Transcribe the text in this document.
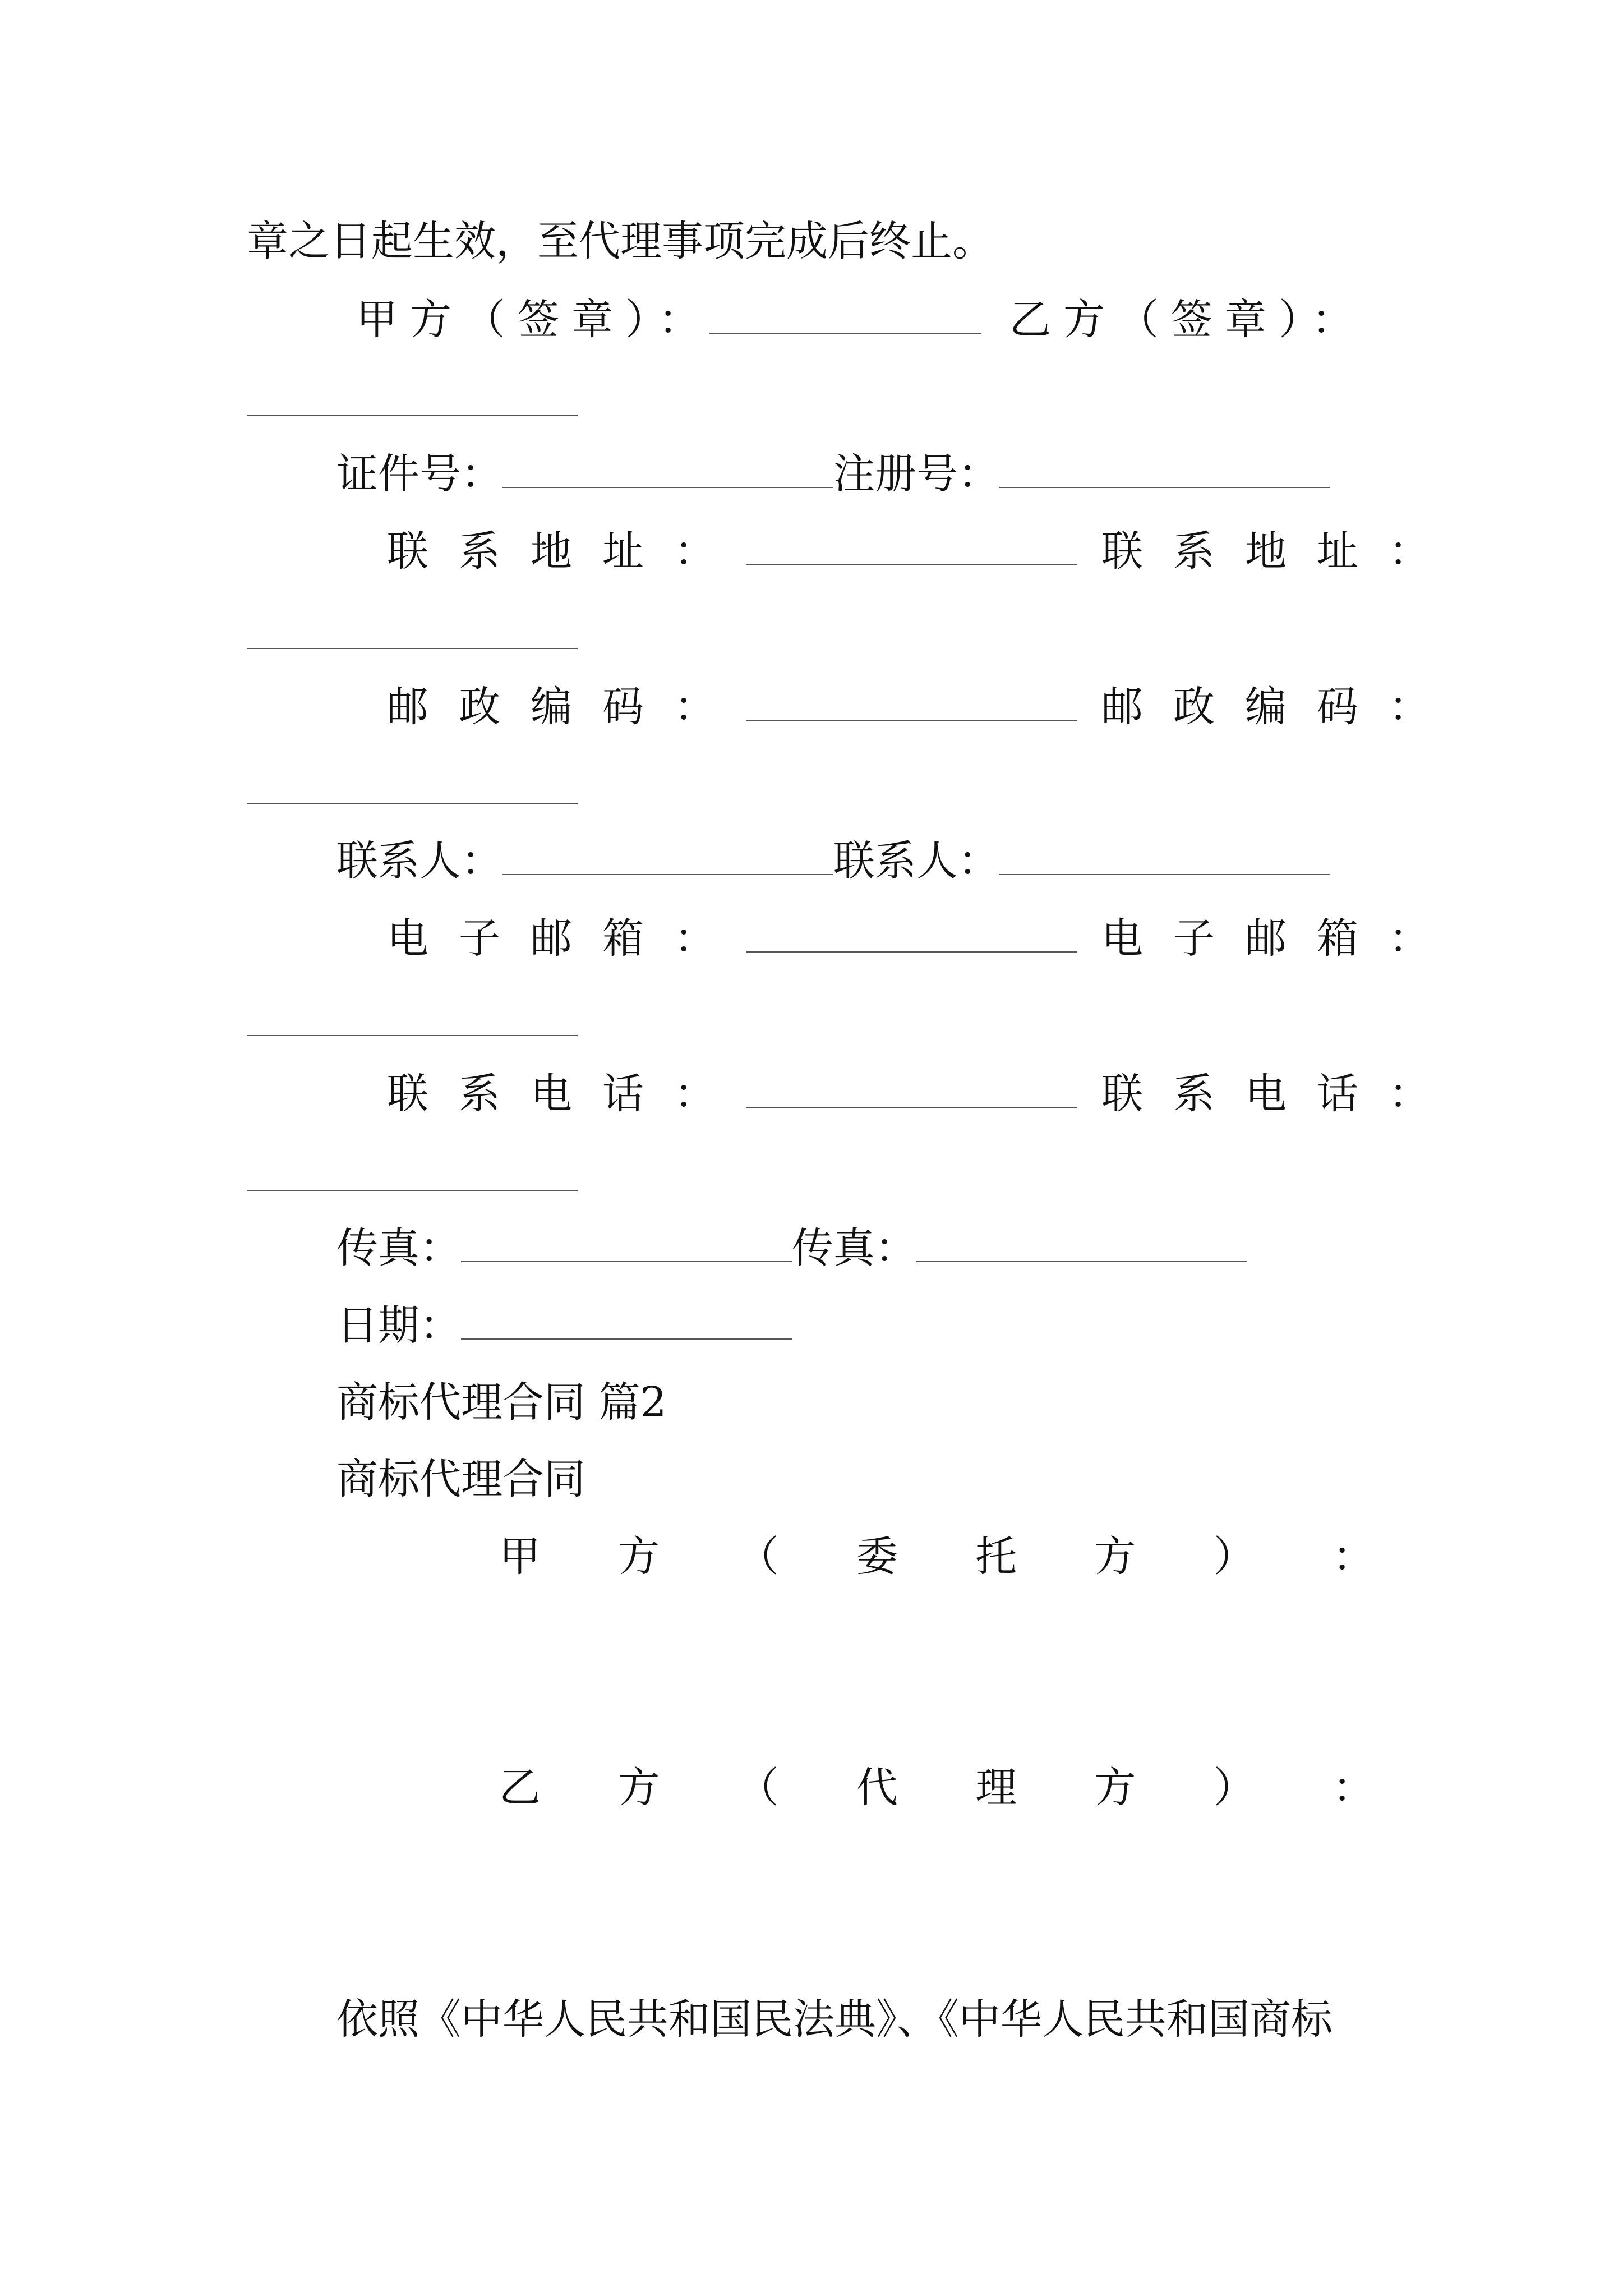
章之日起生效，至代理事项完成后终止。
甲方（签章）：	乙方（签章）：
证件号：	注册号：
联系地址：	联系地址：
邮政编码：	邮政编码：
联系人：	联系人：
电子邮箱：	电子邮箱：
联系电话：	联系电话：
传真：	传真：
日期：
商标代理合同 篇2
商标代理合同
甲 方 （ 委 托 方 ） ：
乙 方 （ 代 理 方 ） ：
依照《中华人民共和国民法典》、《中华人民共和国商标
